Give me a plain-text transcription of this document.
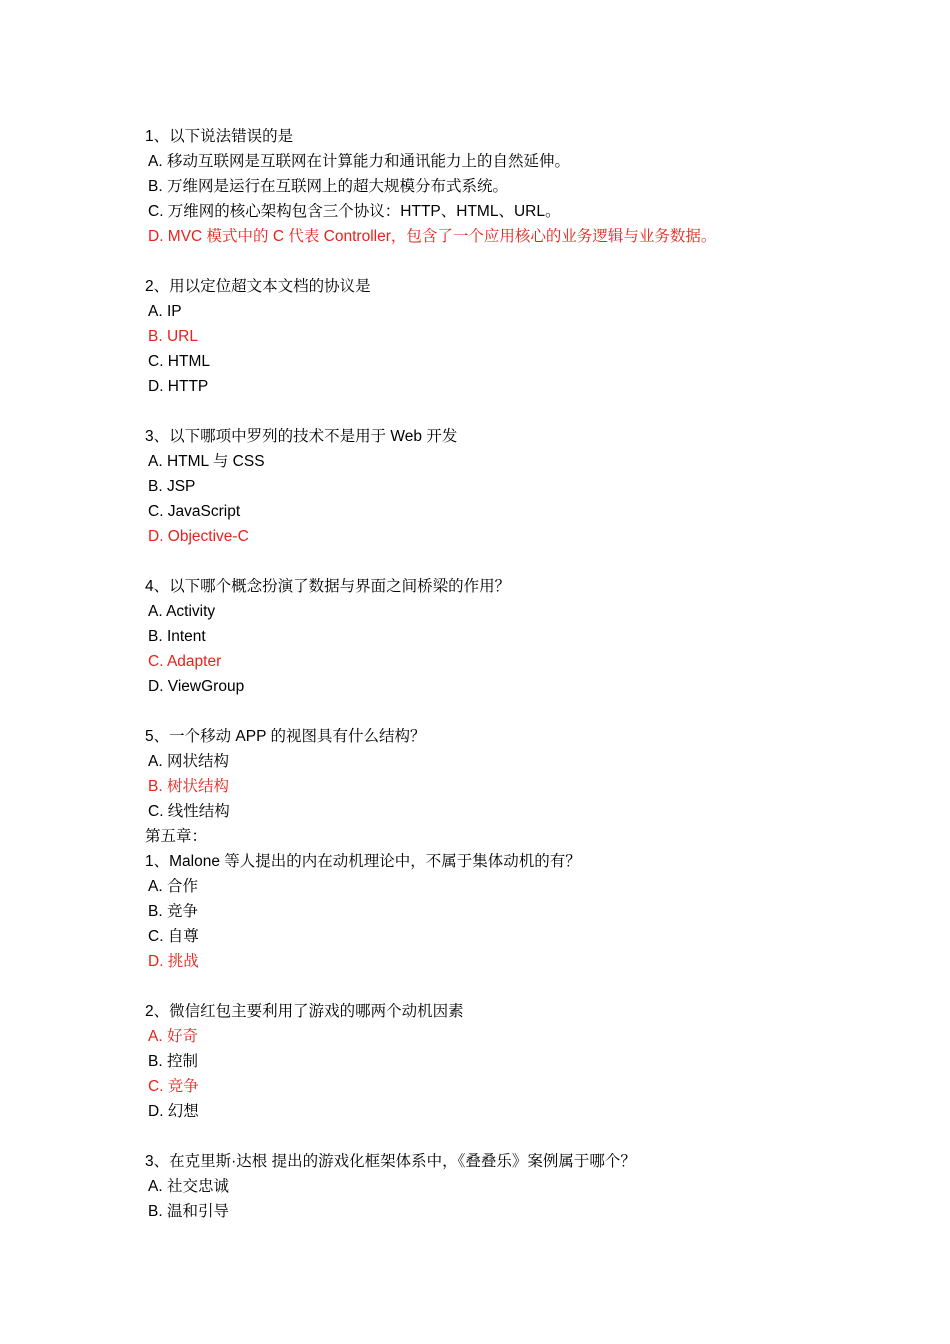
1、以下说法错误的是
A. 移动互联网是互联网在计算能力和通讯能力上的自然延伸。
B. 万维网是运行在互联网上的超大规模分布式系统。
C. 万维网的核心架构包含三个协议：HTTP、HTML、URL。
D. MVC 模式中的 C 代表 Controller，包含了一个应用核心的业务逻辑与业务数据。
2、用以定位超文本文档的协议是
A. IP
B. URL
C. HTML
D. HTTP
3、以下哪项中罗列的技术不是用于 Web 开发
A. HTML 与 CSS
B. JSP
C. JavaScript
D. Objective-C
4、以下哪个概念扮演了数据与界面之间桥梁的作用？
A. Activity
B. Intent
C. Adapter
D. ViewGroup
5、一个移动 APP 的视图具有什么结构？
A. 网状结构
B. 树状结构
C. 线性结构
第五章：
1、Malone 等人提出的内在动机理论中，不属于集体动机的有？
A. 合作
B. 竞争
C. 自尊
D. 挑战
2、微信红包主要利用了游戏的哪两个动机因素
A. 好奇
B. 控制
C. 竞争
D. 幻想
3、在克里斯·达根 提出的游戏化框架体系中，《叠叠乐》案例属于哪个？
A. 社交忠诚
B. 温和引导
